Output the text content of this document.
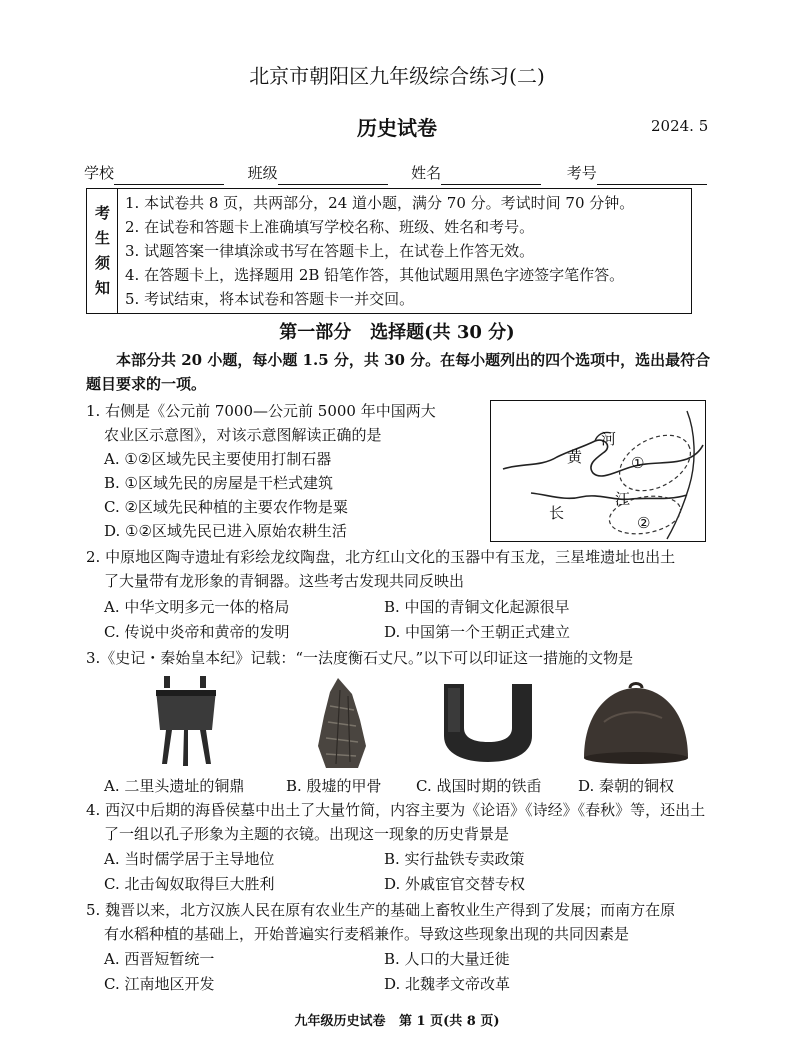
北京市朝阳区九年级综合练习(二)
历史试卷	2024. 5
学校	班级	姓名	考号
考
生
须
知
1. 本试卷共 8 页，共两部分，24 道小题，满分 70 分。考试时间 70 分钟。
2. 在试卷和答题卡上准确填写学校名称、班级、姓名和考号。
3. 试题答案一律填涂或书写在答题卡上，在试卷上作答无效。
4. 在答题卡上，选择题用 2B 铅笔作答，其他试题用黑色字迹签字笔作答。
5. 考试结束，将本试卷和答题卡一并交回。
第一部分   选择题(共 30 分)
本部分共 20 小题，每小题 1.5 分，共 30 分。在每小题列出的四个选项中，选出最符合
题目要求的一项。
1. 右侧是《公元前 7000—公元前 5000 年中国两大
农业区示意图》，对该示意图解读正确的是
A. ①②区域先民主要使用打制石器
B. ①区域先民的房屋是干栏式建筑
C. ②区域先民种植的主要农作物是粟
D. ①②区域先民已进入原始农耕生活
黄
河
长
江
①
②
2. 中原地区陶寺遗址有彩绘龙纹陶盘，北方红山文化的玉器中有玉龙，三星堆遗址也出土
了大量带有龙形象的青铜器。这些考古发现共同反映出
A. 中华文明多元一体的格局	B. 中国的青铜文化起源很早
C. 传说中炎帝和黄帝的发明	D. 中国第一个王朝正式建立
3.《史记・秦始皇本纪》记载：“一法度衡石丈尺。”以下可以印证这一措施的文物是
A. 二里头遗址的铜鼎	B. 殷墟的甲骨 C. 战国时期的铁臿 D. 秦朝的铜权
4. 西汉中后期的海昏侯墓中出土了大量竹简，内容主要为《论语》《诗经》《春秋》等，还出土
了一组以孔子形象为主题的衣镜。出现这一现象的历史背景是
A. 当时儒学居于主导地位	B. 实行盐铁专卖政策
C. 北击匈奴取得巨大胜利	D. 外戚宦官交替专权
5. 魏晋以来，北方汉族人民在原有农业生产的基础上畜牧业生产得到了发展；而南方在原
有水稻种植的基础上，开始普遍实行麦稻兼作。导致这些现象出现的共同因素是
A. 西晋短暂统一	B. 人口的大量迁徙
C. 江南地区开发	D. 北魏孝文帝改革
九年级历史试卷   第 1 页(共 8 页)
